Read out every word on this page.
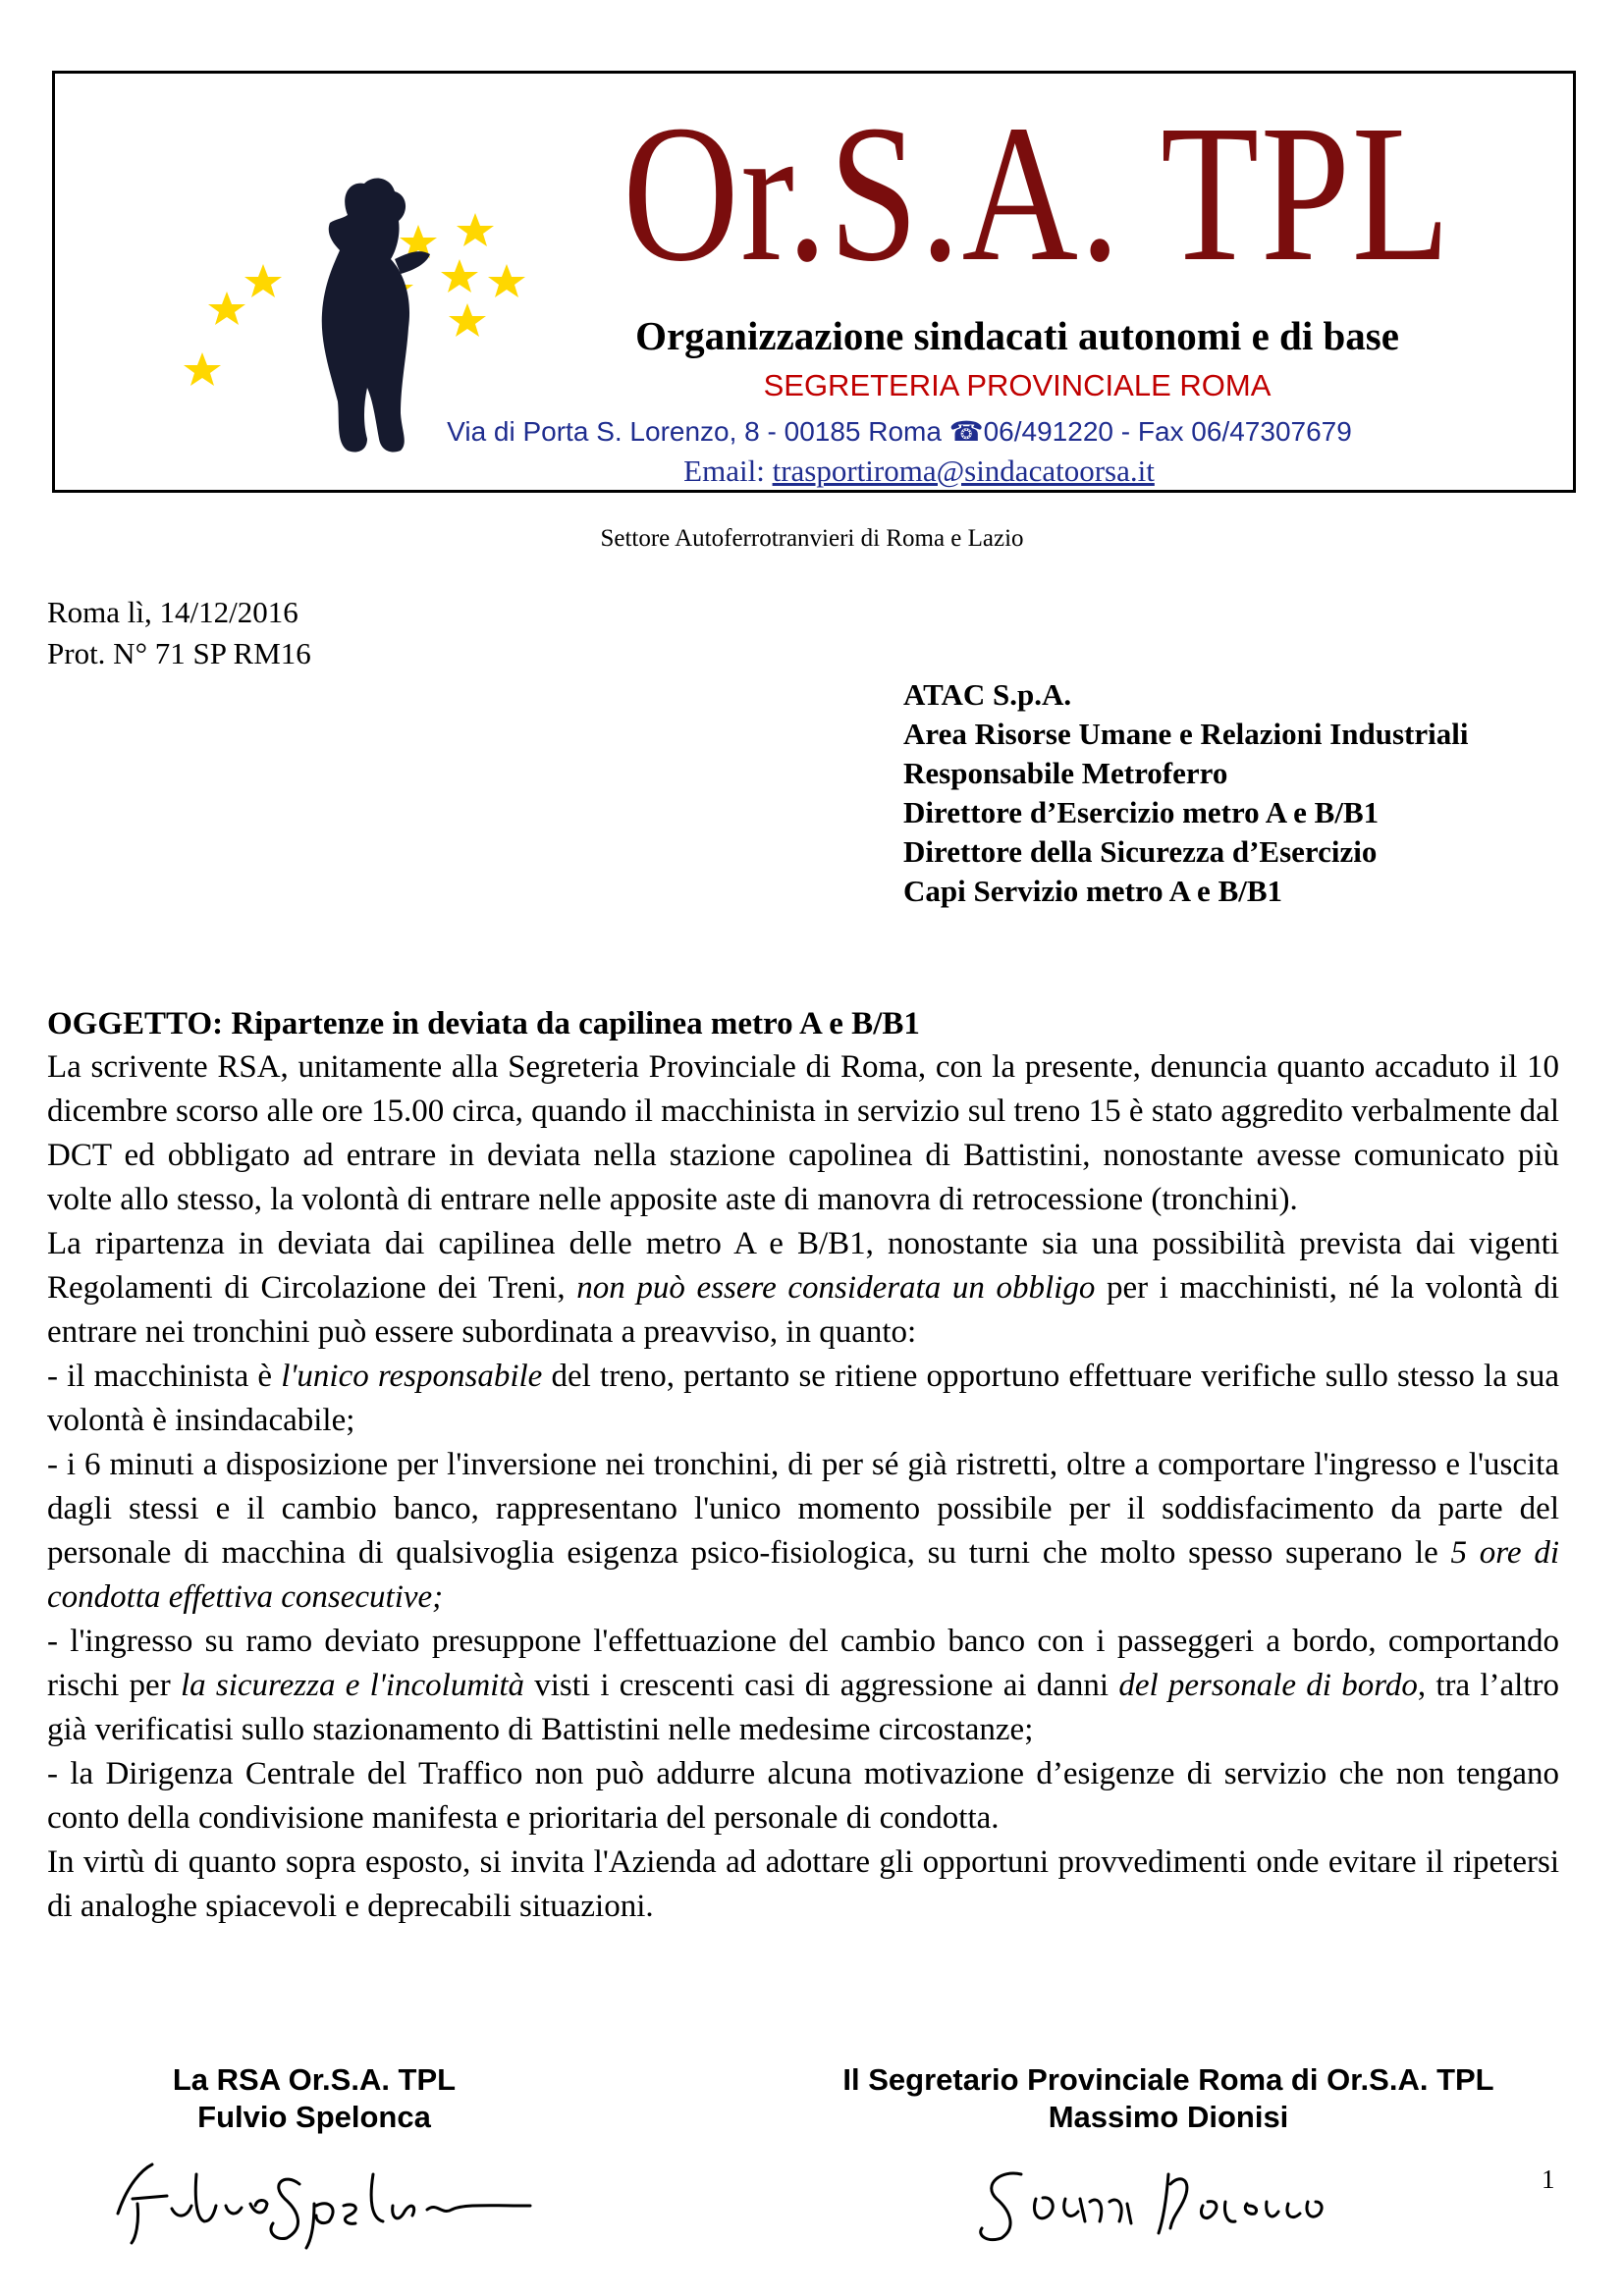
Or.S.A. TPL
Organizzazione sindacati autonomi e di base
SEGRETERIA PROVINCIALE ROMA
Via di Porta S. Lorenzo, 8 - 00185 Roma ☎06/491220 - Fax 06/47307679
Email: trasportiroma@sindacatoorsa.it
Settore Autoferrotranvieri di Roma e Lazio
Roma lì, 14/12/2016
Prot. N° 71 SP RM16
ATAC S.p.A.
Area Risorse Umane e Relazioni Industriali
Responsabile Metroferro
Direttore d’Esercizio metro A e B/B1
Direttore della Sicurezza d’Esercizio
Capi Servizio metro A e B/B1
OGGETTO: Ripartenze in deviata da capilinea metro A e B/B1

La scrivente RSA, unitamente alla Segreteria Provinciale di Roma, con la presente, denuncia quanto accaduto il 10 dicembre scorso alle ore 15.00 circa, quando il macchinista in servizio sul treno 15 è stato aggredito verbalmente dal DCT ed obbligato ad entrare in deviata nella stazione capolinea di Battistini, nonostante avesse comunicato più volte allo stesso, la volontà di entrare nelle apposite aste di manovra di retrocessione (tronchini).

La ripartenza in deviata dai capilinea delle metro A e B/B1, nonostante sia una possibilità prevista dai vigenti Regolamenti di Circolazione dei Treni, non può essere considerata un obbligo per i macchinisti, né la volontà di entrare nei tronchini può essere subordinata a preavviso, in quanto:

- il macchinista è l'unico responsabile del treno, pertanto se ritiene opportuno effettuare verifiche sullo stesso la sua volontà è insindacabile;

- i 6 minuti a disposizione per l'inversione nei tronchini, di per sé già ristretti, oltre a comportare l'ingresso e l'uscita dagli stessi e il cambio banco, rappresentano l'unico momento possibile per il soddisfacimento da parte del personale di macchina di qualsivoglia esigenza psico-fisiologica, su turni che molto spesso superano le 5 ore di condotta effettiva consecutive;

- l'ingresso su ramo deviato presuppone l'effettuazione del cambio banco con i passeggeri a bordo, comportando rischi per la sicurezza e l'incolumità visti i crescenti casi di aggressione ai danni del personale di bordo, tra l’altro già verificatisi sullo stazionamento di Battistini nelle medesime circostanze;

- la Dirigenza Centrale del Traffico non può addurre alcuna motivazione d’esigenze di servizio che non tengano conto della condivisione manifesta e prioritaria del personale di condotta.

In virtù di quanto sopra esposto, si invita l'Azienda ad adottare gli opportuni provvedimenti onde evitare il ripetersi di analoghe spiacevoli e deprecabili situazioni.

La RSA Or.S.A. TPL
Fulvio Spelonca
Il Segretario Provinciale Roma di Or.S.A. TPL
Massimo Dionisi
1
